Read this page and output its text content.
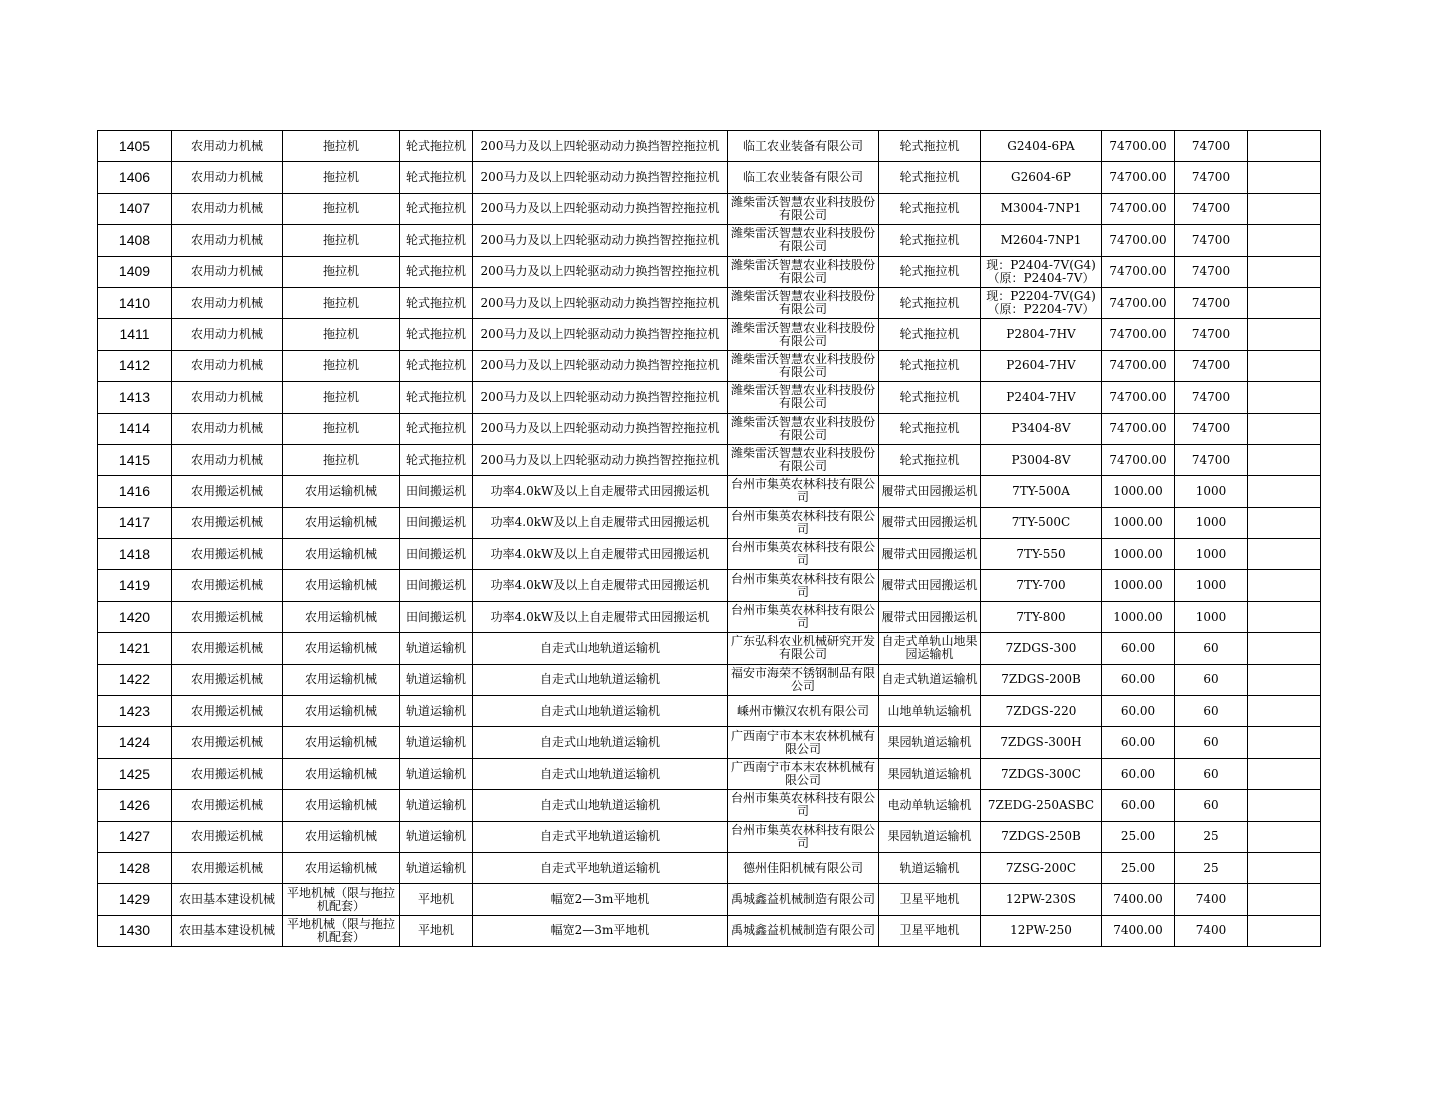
1405	农用动力机械	拖拉机	轮式拖拉机	200马力及以上四轮驱动动力换挡智控拖拉机	临工农业装备有限公司	轮式拖拉机	G2404-6PA	74700.00	74700	
1406	农用动力机械	拖拉机	轮式拖拉机	200马力及以上四轮驱动动力换挡智控拖拉机	临工农业装备有限公司	轮式拖拉机	G2604-6P	74700.00	74700	
1407	农用动力机械	拖拉机	轮式拖拉机	200马力及以上四轮驱动动力换挡智控拖拉机	潍柴雷沃智慧农业科技股份有限公司	轮式拖拉机	M3004-7NP1	74700.00	74700	
1408	农用动力机械	拖拉机	轮式拖拉机	200马力及以上四轮驱动动力换挡智控拖拉机	潍柴雷沃智慧农业科技股份有限公司	轮式拖拉机	M2604-7NP1	74700.00	74700	
1409	农用动力机械	拖拉机	轮式拖拉机	200马力及以上四轮驱动动力换挡智控拖拉机	潍柴雷沃智慧农业科技股份有限公司	轮式拖拉机	现：P2404-7V(G4)（原：P2404-7V）	74700.00	74700	
1410	农用动力机械	拖拉机	轮式拖拉机	200马力及以上四轮驱动动力换挡智控拖拉机	潍柴雷沃智慧农业科技股份有限公司	轮式拖拉机	现：P2204-7V(G4)（原：P2204-7V）	74700.00	74700	
1411	农用动力机械	拖拉机	轮式拖拉机	200马力及以上四轮驱动动力换挡智控拖拉机	潍柴雷沃智慧农业科技股份有限公司	轮式拖拉机	P2804-7HV	74700.00	74700	
1412	农用动力机械	拖拉机	轮式拖拉机	200马力及以上四轮驱动动力换挡智控拖拉机	潍柴雷沃智慧农业科技股份有限公司	轮式拖拉机	P2604-7HV	74700.00	74700	
1413	农用动力机械	拖拉机	轮式拖拉机	200马力及以上四轮驱动动力换挡智控拖拉机	潍柴雷沃智慧农业科技股份有限公司	轮式拖拉机	P2404-7HV	74700.00	74700	
1414	农用动力机械	拖拉机	轮式拖拉机	200马力及以上四轮驱动动力换挡智控拖拉机	潍柴雷沃智慧农业科技股份有限公司	轮式拖拉机	P3404-8V	74700.00	74700	
1415	农用动力机械	拖拉机	轮式拖拉机	200马力及以上四轮驱动动力换挡智控拖拉机	潍柴雷沃智慧农业科技股份有限公司	轮式拖拉机	P3004-8V	74700.00	74700	
1416	农用搬运机械	农用运输机械	田间搬运机	功率4.0kW及以上自走履带式田园搬运机	台州市集英农林科技有限公司	履带式田园搬运机	7TY-500A	1000.00	1000	
1417	农用搬运机械	农用运输机械	田间搬运机	功率4.0kW及以上自走履带式田园搬运机	台州市集英农林科技有限公司	履带式田园搬运机	7TY-500C	1000.00	1000	
1418	农用搬运机械	农用运输机械	田间搬运机	功率4.0kW及以上自走履带式田园搬运机	台州市集英农林科技有限公司	履带式田园搬运机	7TY-550	1000.00	1000	
1419	农用搬运机械	农用运输机械	田间搬运机	功率4.0kW及以上自走履带式田园搬运机	台州市集英农林科技有限公司	履带式田园搬运机	7TY-700	1000.00	1000	
1420	农用搬运机械	农用运输机械	田间搬运机	功率4.0kW及以上自走履带式田园搬运机	台州市集英农林科技有限公司	履带式田园搬运机	7TY-800	1000.00	1000	
1421	农用搬运机械	农用运输机械	轨道运输机	自走式山地轨道运输机	广东弘科农业机械研究开发有限公司	自走式单轨山地果园运输机	7ZDGS-300	60.00	60	
1422	农用搬运机械	农用运输机械	轨道运输机	自走式山地轨道运输机	福安市海荣不锈钢制品有限公司	自走式轨道运输机	7ZDGS-200B	60.00	60	
1423	农用搬运机械	农用运输机械	轨道运输机	自走式山地轨道运输机	嵊州市懒汉农机有限公司	山地单轨运输机	7ZDGS-220	60.00	60	
1424	农用搬运机械	农用运输机械	轨道运输机	自走式山地轨道运输机	广西南宁市本末农林机械有限公司	果园轨道运输机	7ZDGS-300H	60.00	60	
1425	农用搬运机械	农用运输机械	轨道运输机	自走式山地轨道运输机	广西南宁市本末农林机械有限公司	果园轨道运输机	7ZDGS-300C	60.00	60	
1426	农用搬运机械	农用运输机械	轨道运输机	自走式山地轨道运输机	台州市集英农林科技有限公司	电动单轨运输机	7ZEDG-250ASBC	60.00	60	
1427	农用搬运机械	农用运输机械	轨道运输机	自走式平地轨道运输机	台州市集英农林科技有限公司	果园轨道运输机	7ZDGS-250B	25.00	25	
1428	农用搬运机械	农用运输机械	轨道运输机	自走式平地轨道运输机	德州佳阳机械有限公司	轨道运输机	7ZSG-200C	25.00	25	
1429	农田基本建设机械	平地机械（限与拖拉机配套）	平地机	幅宽2—3m平地机	禹城鑫益机械制造有限公司	卫星平地机	12PW-230S	7400.00	7400	
1430	农田基本建设机械	平地机械（限与拖拉机配套）	平地机	幅宽2—3m平地机	禹城鑫益机械制造有限公司	卫星平地机	12PW-250	7400.00	7400	
